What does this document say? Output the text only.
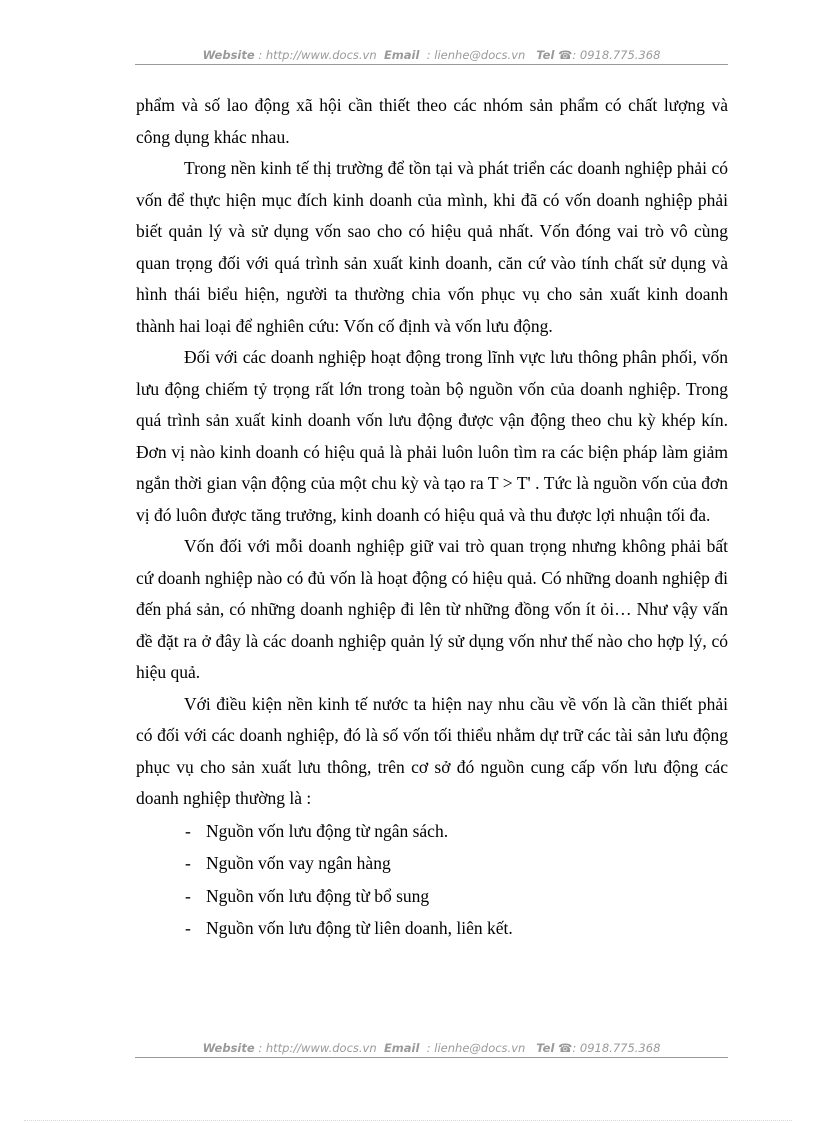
Website : http://www.docs.vn Email : lienhe@docs.vn Tel ☎: 0918.775.368

phẩm và số lao động xã hội cần thiết theo các nhóm sản phẩm có chất lượng và công dụng khác nhau.

Trong nền kinh tế thị trường để tồn tại và phát triển các doanh nghiệp phải có vốn để thực hiện mục đích kinh doanh của mình, khi đã có vốn doanh nghiệp phải biết quản lý và sử dụng vốn sao cho có hiệu quả nhất. Vốn đóng vai trò vô cùng quan trọng đối với quá trình sản xuất kinh doanh, căn cứ vào tính chất sử dụng và hình thái biểu hiện, người ta thường chia vốn phục vụ cho sản xuất kinh doanh thành hai loại để nghiên cứu: Vốn cố định và vốn lưu động.

Đối với các doanh nghiệp hoạt động trong lĩnh vực lưu thông phân phối, vốn lưu động chiếm tỷ trọng rất lớn trong toàn bộ nguồn vốn của doanh nghiệp. Trong quá trình sản xuất kinh doanh vốn lưu động được vận động theo chu kỳ khép kín. Đơn vị nào kinh doanh có hiệu quả là phải luôn luôn tìm ra các biện pháp làm giảm ngắn thời gian vận động của một chu kỳ và tạo ra T > T' . Tức là nguồn vốn của đơn vị đó luôn được tăng trưởng, kinh doanh có hiệu quả và thu được lợi nhuận tối đa.

Vốn đối với mỗi doanh nghiệp giữ vai trò quan trọng nhưng không phải bất cứ doanh nghiệp nào có đủ vốn là hoạt động có hiệu quả. Có những doanh nghiệp đi đến phá sản, có những doanh nghiệp đi lên từ những đồng vốn ít ỏi… Như vậy vấn đề đặt ra ở đây là các doanh nghiệp quản lý sử dụng vốn như thế nào cho hợp lý, có hiệu quả.

Với điều kiện nền kinh tế nước ta hiện nay nhu cầu về vốn là cần thiết phải có đối với các doanh nghiệp, đó là số vốn tối thiểu nhằm dự trữ các tài sản lưu động phục vụ cho sản xuất lưu thông, trên cơ sở đó nguồn cung cấp vốn lưu động các doanh nghiệp thường là :

- Nguồn vốn lưu động từ ngân sách.
- Nguồn vốn vay ngân hàng
- Nguồn vốn lưu động từ bổ sung
- Nguồn vốn lưu động từ liên doanh, liên kết.
Website : http://www.docs.vn Email : lienhe@docs.vn Tel ☎: 0918.775.368
